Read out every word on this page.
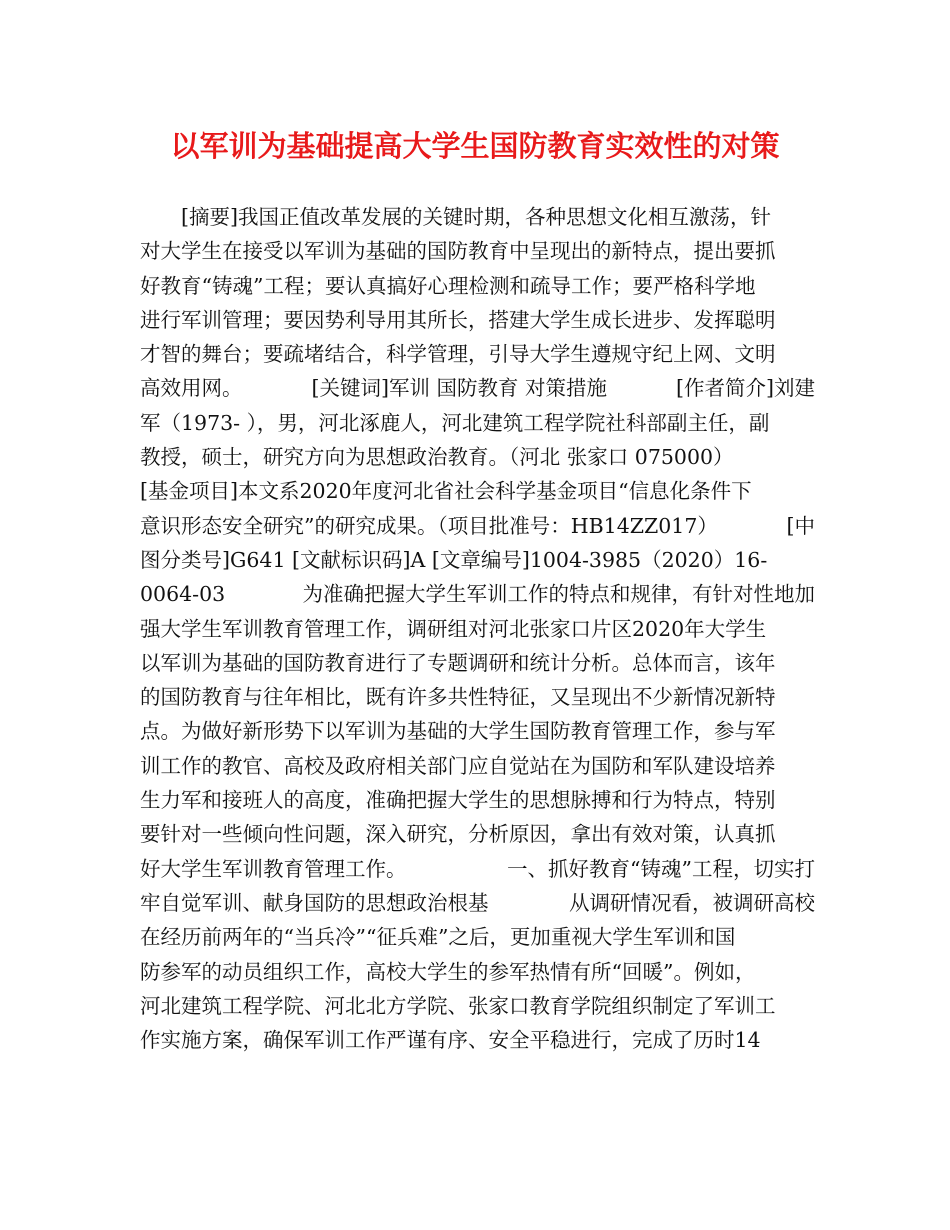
以军训为基础提高大学生国防教育实效性的对策
[摘要]我国正值改革发展的关键时期，各种思想文化相互激荡，针
对大学生在接受以军训为基础的国防教育中呈现出的新特点，提出要抓
好教育“铸魂”工程；要认真搞好心理检测和疏导工作；要严格科学地
进行军训管理；要因势利导用其所长，搭建大学生成长进步、发挥聪明
才智的舞台；要疏堵结合，科学管理，引导大学生遵规守纪上网、文明
高效用网。	[关键词]军训 国防教育 对策措施	[作者简介]刘建
军（1973- ），男，河北涿鹿人，河北建筑工程学院社科部副主任，副
教授，硕士，研究方向为思想政治教育。（河北 张家口 075000）
[基金项目]本文系2020年度河北省社会科学基金项目“信息化条件下
意识形态安全研究”的研究成果。（项目批准号：HB14ZZ017）	[中
图分类号]G641 [文献标识码]A [文章编号]1004-3985（2020）16-
0064-03	为准确把握大学生军训工作的特点和规律，有针对性地加
强大学生军训教育管理工作，调研组对河北张家口片区2020年大学生
以军训为基础的国防教育进行了专题调研和统计分析。总体而言，该年
的国防教育与往年相比，既有许多共性特征，又呈现出不少新情况新特
点。为做好新形势下以军训为基础的大学生国防教育管理工作，参与军
训工作的教官、高校及政府相关部门应自觉站在为国防和军队建设培养
生力军和接班人的高度，准确把握大学生的思想脉搏和行为特点，特别
要针对一些倾向性问题，深入研究，分析原因，拿出有效对策，认真抓
好大学生军训教育管理工作。	一、抓好教育“铸魂”工程，切实打
牢自觉军训、献身国防的思想政治根基	从调研情况看，被调研高校
在经历前两年的“当兵冷”“征兵难”之后，更加重视大学生军训和国
防参军的动员组织工作，高校大学生的参军热情有所“回暖”。例如，
河北建筑工程学院、河北北方学院、张家口教育学院组织制定了军训工
作实施方案，确保军训工作严谨有序、安全平稳进行，完成了历时14
